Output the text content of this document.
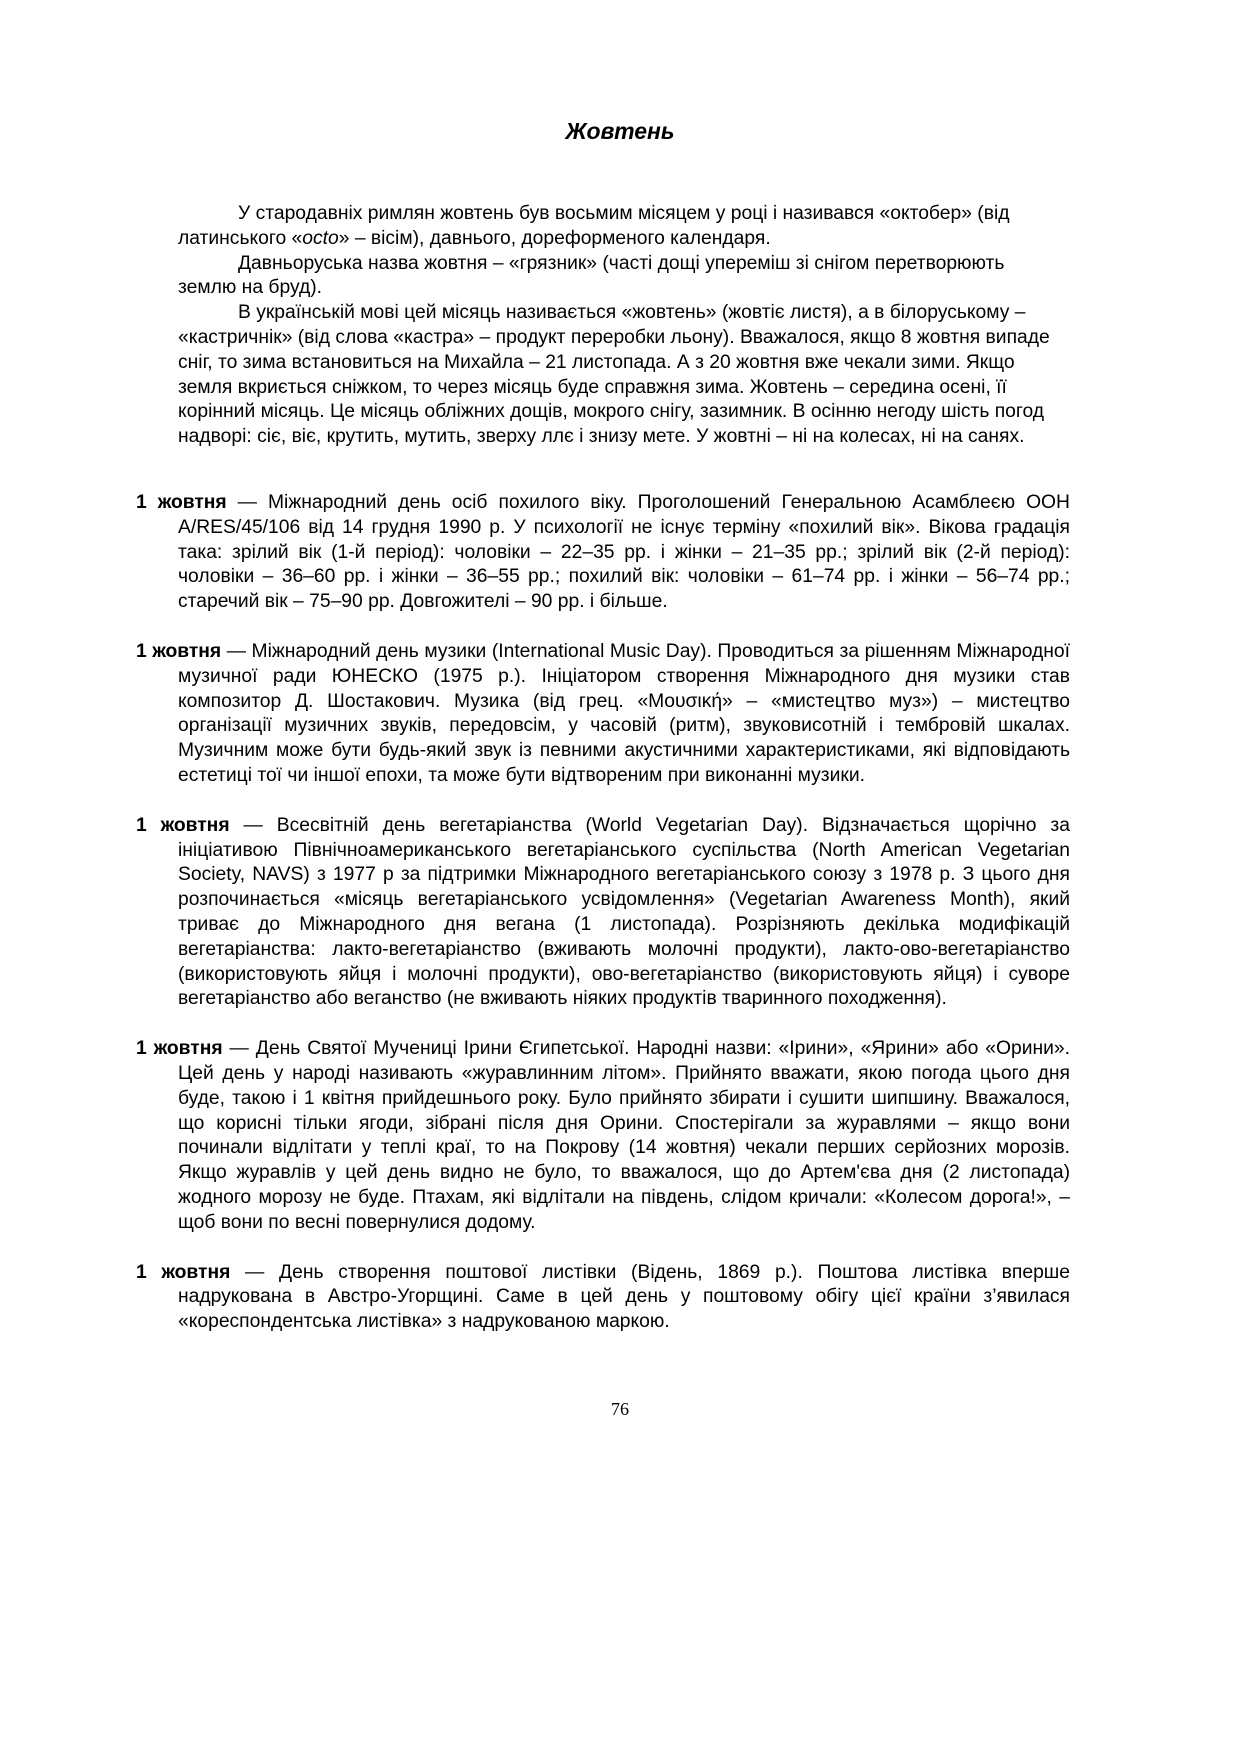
Жовтень

У стародавніх римлян жовтень був восьмим місяцем у році і називався «октобер» (від латинського «octo» – вісім), давнього, дореформеного календаря.

Давньоруська назва жовтня – «грязник» (часті дощі упереміш зі снігом перетворюють землю на бруд).

В українській мові цей місяць називається «жовтень» (жовтіє листя), а в білоруському – «кастричнік» (від слова «кастра» – продукт переробки льону). Вважалося, якщо 8 жовтня випаде сніг, то зима встановиться на Михайла – 21 листопада. А з 20 жовтня вже чекали зими. Якщо земля вкриється сніжком, то через місяць буде справжня зима. Жовтень – середина осені, її корінний місяць. Це місяць обліжних дощів, мокрого снігу, зазимник. В осінню негоду шість погод надворі: сіє, віє, крутить, мутить, зверху ллє і знизу мете. У жовтні – ні на колесах, ні на санях.

1 жовтня — Міжнародний день осіб похилого віку. Проголошений Генеральною Асамблеєю ООН A/RES/45/106 від 14 грудня 1990 р. У психології не існує терміну «похилий вік». Вікова градація така: зрілий вік (1-й період): чоловіки – 22–35 рр. і жінки – 21–35 рр.; зрілий вік (2-й період): чоловіки – 36–60 рр. і жінки – 36–55 рр.; похилий вік: чоловіки – 61–74 рр. і жінки – 56–74 рр.; старечий вік – 75–90 рр. Довгожителі – 90 рр. і більше.

1 жовтня — Міжнародний день музики (International Music Day). Проводиться за рішенням Міжнародної музичної ради ЮНЕСКО (1975 р.). Ініціатором створення Міжнародного дня музики став композитор Д. Шостакович. Музика (від грец. «Μουσική» – «мистецтво муз») – мистецтво організації музичних звуків, передовсім, у часовій (ритм), звуковисотній і тембровій шкалах. Музичним може бути будь-який звук із певними акустичними характеристиками, які відповідають естетиці тої чи іншої епохи, та може бути відтвореним при виконанні музики.

1 жовтня — Всесвітній день вегетаріанства (World Vegetarian Day). Відзначається щорічно за ініціативою Північноамериканського вегетаріанського суспільства (North American Vegetarian Society, NAVS) з 1977 р за підтримки Міжнародного вегетаріанського союзу з 1978 р. З цього дня розпочинається «місяць вегетаріанського усвідомлення» (Vegetarian Awareness Month), який триває до Міжнародного дня вегана (1 листопада). Розрізняють декілька модифікацій вегетаріанства: лакто-вегетаріанство (вживають молочні продукти), лакто-ово-вегетаріанство (використовують яйця і молочні продукти), ово-вегетаріанство (використовують яйця) і суворе вегетаріанство або веганство (не вживають ніяких продуктів тваринного походження).

1 жовтня — День Святої Мучениці Ірини Єгипетської. Народні назви: «Ірини», «Ярини» або «Орини». Цей день у народі називають «журавлинним літом». Прийнято вважати, якою погода цього дня буде, такою і 1 квітня прийдешнього року. Було прийнято збирати і сушити шипшину. Вважалося, що корисні тільки ягоди, зібрані після дня Орини. Спостерігали за журавлями – якщо вони починали відлітати у теплі краї, то на Покрову (14 жовтня) чекали перших серйозних морозів. Якщо журавлів у цей день видно не було, то вважалося, що до Артем'єва дня (2 листопада) жодного морозу не буде. Птахам, які відлітали на південь, слідом кричали: «Колесом дорога!», – щоб вони по весні повернулися додому.

1 жовтня — День створення поштової листівки (Відень, 1869 р.). Поштова листівка вперше надрукована в Австро-Угорщині. Саме в цей день у поштовому обігу цієї країни з’явилася «кореспондентська листівка» з надрукованою маркою.

76
